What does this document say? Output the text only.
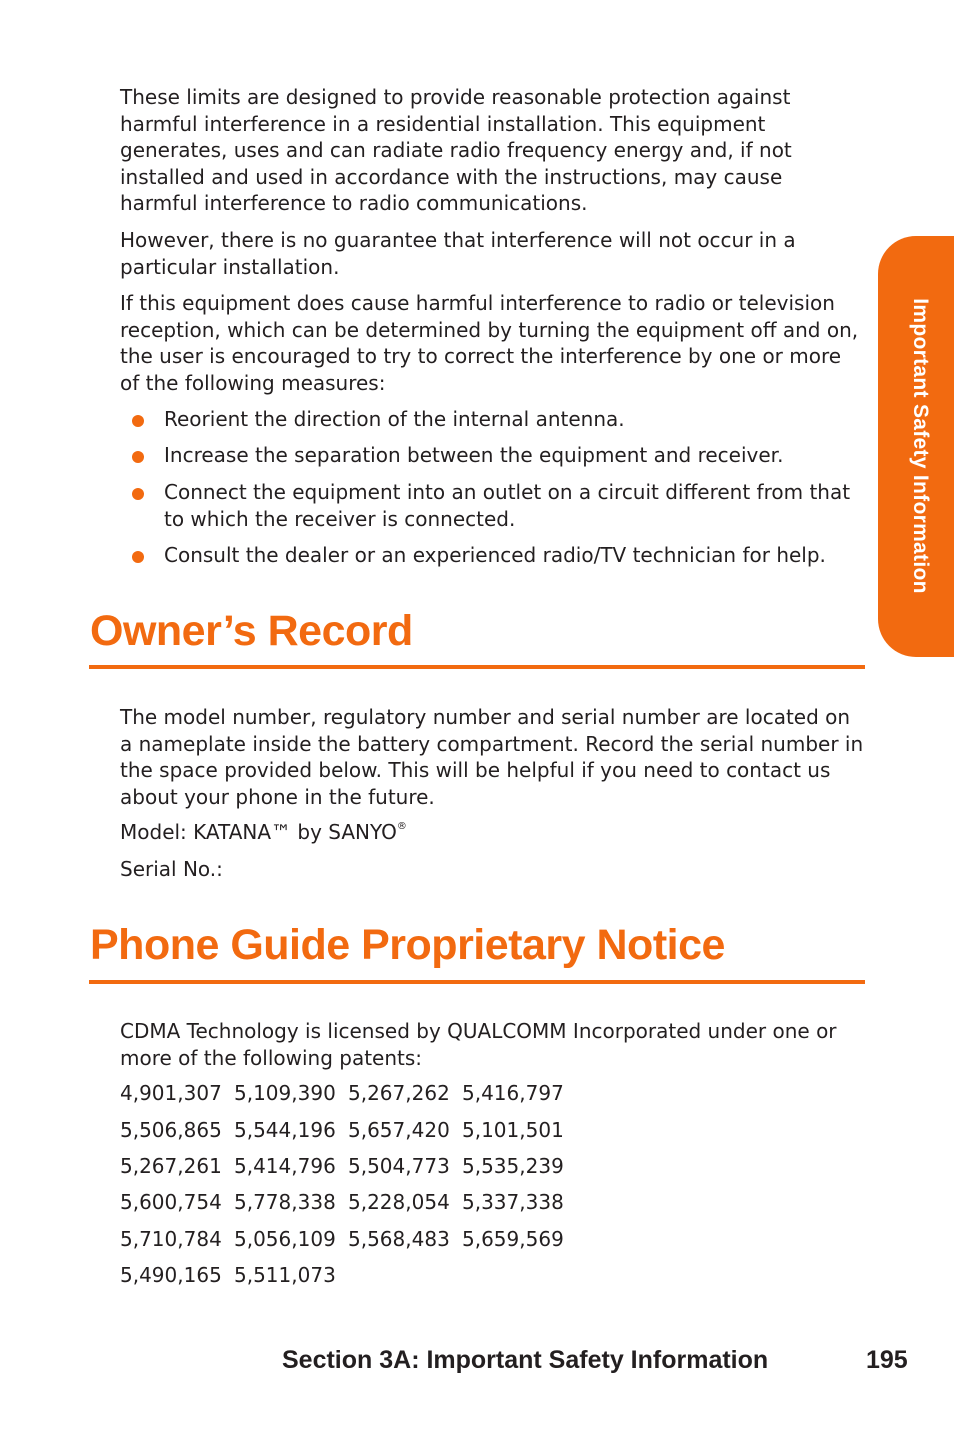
These limits are designed to provide reasonable protection against harmful interference in a residential installation. This equipment generates, uses and can radiate radio frequency energy and, if not installed and used in accordance with the instructions, may cause harmful interference to radio communications.

However, there is no guarantee that interference will not occur in a particular installation.

If this equipment does cause harmful interference to radio or television reception, which can be determined by turning the equipment off and on, the user is encouraged to try to correct the interference by one or more of the following measures:

Reorient the direction of the internal antenna.
Increase the separation between the equipment and receiver.
Connect the equipment into an outlet on a circuit different from that to which the receiver is connected.
Consult the dealer or an experienced radio/TV technician for help.
Owner’s Record

The model number, regulatory number and serial number are located on a nameplate inside the battery compartment. Record the serial number in the space provided below. This will be helpful if you need to contact us about your phone in the future.

Model: KATANA™ by SANYO®

Serial No.:

Phone Guide Proprietary Notice

CDMA Technology is licensed by QUALCOMM Incorporated under one or more of the following patents:

4,901,307 5,109,390 5,267,262 5,416,797
5,506,865 5,544,196 5,657,420 5,101,501
5,267,261 5,414,796 5,504,773 5,535,239
5,600,754 5,778,338 5,228,054 5,337,338
5,710,784 5,056,109 5,568,483 5,659,569
5,490,165 5,511,073
Important Safety Information
Section 3A: Important Safety Information	195
